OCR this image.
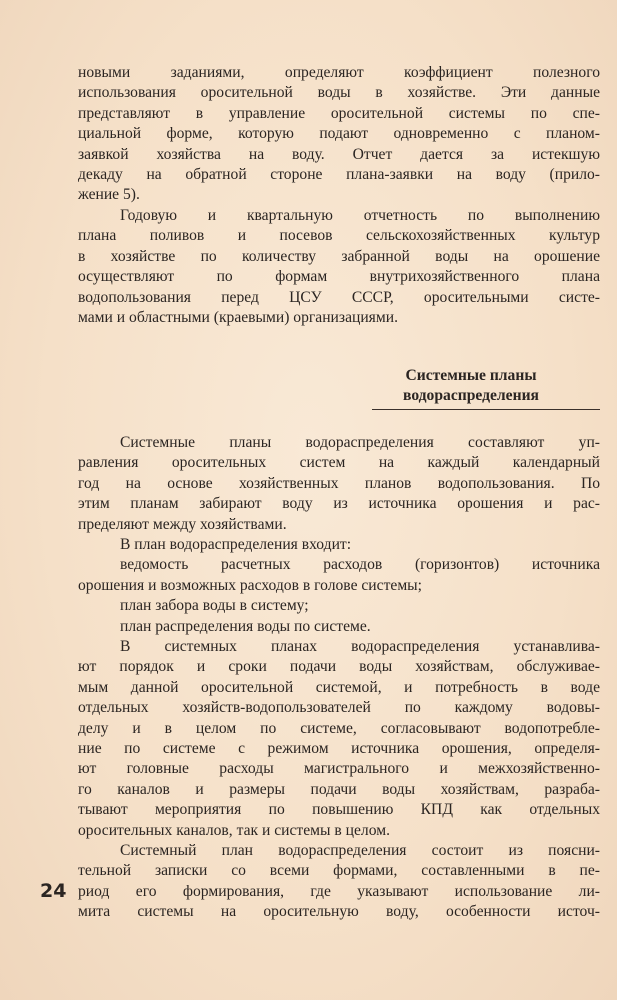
новыми заданиями, определяют коэффициент полезного
использования оросительной воды в хозяйстве. Эти данные
представляют в управление оросительной системы по спе-
циальной форме, которую подают одновременно с планом-
заявкой хозяйства на воду. Отчет дается за истекшую
декаду на обратной стороне плана-заявки на воду (прило-
жение 5).
Годовую и квартальную отчетность по выполнению
плана поливов и посевов сельскохозяйственных культур
в хозяйстве по количеству забранной воды на орошение
осуществляют по формам внутрихозяйственного плана
водопользования перед ЦСУ СССР, оросительными систе-
мами и областными (краевыми) организациями.
Системные планы
водораспределения
Системные планы водораспределения составляют уп-
равления оросительных систем на каждый календарный
год на основе хозяйственных планов водопользования. По
этим планам забирают воду из источника орошения и рас-
пределяют между хозяйствами.
В план водораспределения входит:
ведомость расчетных расходов (горизонтов) источника
орошения и возможных расходов в голове системы;
план забора воды в систему;
план распределения воды по системе.
В системных планах водораспределения устанавлива-
ют порядок и сроки подачи воды хозяйствам, обслуживае-
мым данной оросительной системой, и потребность в воде
отдельных хозяйств-водопользователей по каждому водовы-
делу и в целом по системе, согласовывают водопотребле-
ние по системе с режимом источника орошения, определя-
ют головные расходы магистрального и межхозяйственно-
го каналов и размеры подачи воды хозяйствам, разраба-
тывают мероприятия по повышению КПД как отдельных
оросительных каналов, так и системы в целом.
Системный план водораспределения состоит из поясни-
тельной записки со всеми формами, составленными в пе-
риод его формирования, где указывают использование ли-
мита системы на оросительную воду, особенности источ-
24
